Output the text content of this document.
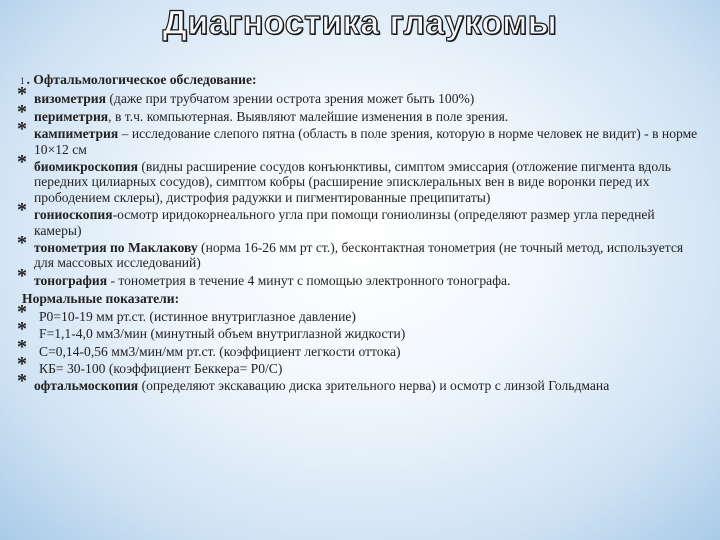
Диагностика глаукомы
1 . Офтальмологическое обследование:
* визометрия (даже при трубчатом зрении острота зрения может быть 100%)
* периметрия, в т.ч. компьютерная. Выявляют малейшие изменения в поле зрения.
* кампиметрия – исследование слепого пятна (область в поле зрения, которую в норме человек не видит) - в норме 10×12 см
* биомикроскопия (видны расширение сосудов конъюнктивы, симптом эмиссария (отложение пигмента вдоль передних цилиарных сосудов), симптом кобры (расширение эписклеральных вен в виде воронки перед их прободением склеры), дистрофия радужки и пигментированные преципитаты)
* гониоскопия-осмотр иридокорнеального угла при помощи гониолинзы (определяют размер угла передней камеры)
* тонометрия по Маклакову (норма 16-26 мм рт ст.), бесконтактная тонометрия (не точный метод, используется для массовых исследований)
* тонография - тонометрия в течение 4 минут с помощью электронного тонографа.
Нормальные показатели:
* P0=10-19 мм рт.ст. (истинное внутриглазное давление)
* F=1,1-4,0 мм3/мин (минутный объем внутриглазной жидкости)
* C=0,14-0,56 мм3/мин/мм рт.ст. (коэффициент легкости оттока)
* КБ= 30-100 (коэффициент Беккера= P0/C)
* офтальмоскопия (определяют экскавацию диска зрительного нерва) и осмотр с линзой Гольдмана
